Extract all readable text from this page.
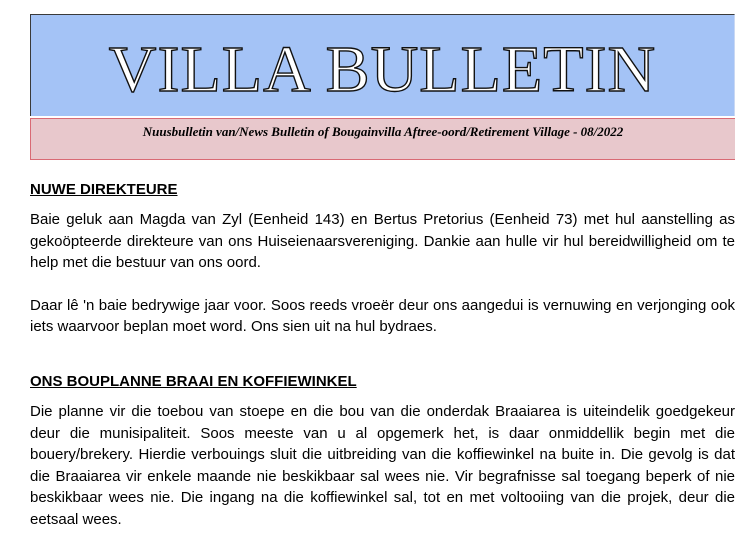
VILLA BULLETIN
Nuusbulletin van/News Bulletin of Bougainvilla Aftree-oord/Retirement Village - 08/2022
NUWE DIREKTEURE

Baie geluk aan Magda van Zyl (Eenheid 143) en Bertus Pretorius (Eenheid 73) met hul aanstelling as gekoöpteerde direkteure van ons Huiseienaarsvereniging. Dankie aan hulle vir hul bereidwilligheid om te help met die bestuur van ons oord.

Daar lê 'n baie bedrywige jaar voor. Soos reeds vroeër deur ons aangedui is vernuwing en verjonging ook iets waarvoor beplan moet word. Ons sien uit na hul bydraes.

ONS BOUPLANNE BRAAI EN KOFFIEWINKEL

Die planne vir die toebou van stoepe en die bou van die onderdak Braaiarea is uiteindelik goedgekeur deur die munisipaliteit. Soos meeste van u al opgemerk het, is daar onmiddellik begin met die bouery/brekery. Hierdie verbouings sluit die uitbreiding van die koffiewinkel na buite in. Die gevolg is dat die Braaiarea vir enkele maande nie beskikbaar sal wees nie. Vir begrafnisse sal toegang beperk of nie beskikbaar wees nie. Die ingang na die koffiewinkel sal, tot en met voltooiing van die projek, deur die eetsaal wees.
